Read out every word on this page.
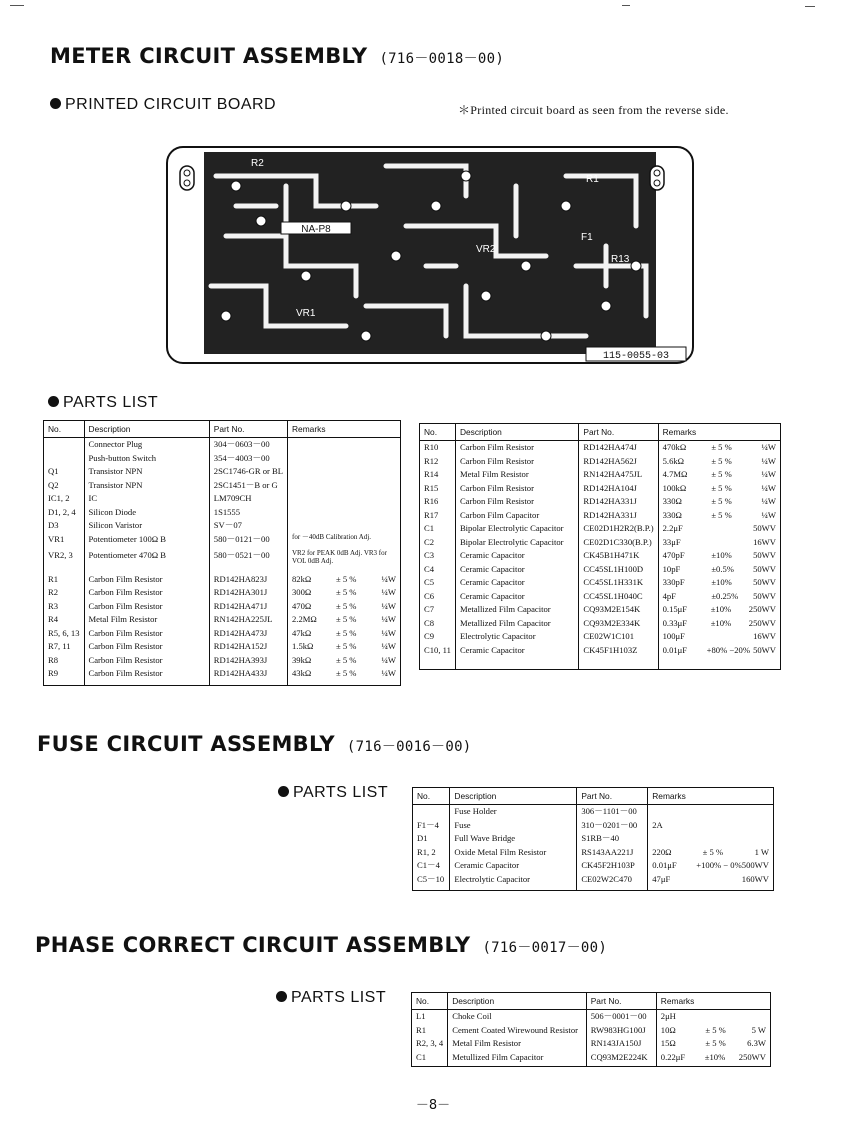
METER CIRCUIT ASSEMBLY (716－0018－00)
PRINTED CIRCUIT BOARD	＊Printed circuit board as seen from the reverse side.
NA-P8
R2
VR1
VR2
F1
R1
R13
115-0055-03
PARTS LIST
No.	Description	Part No.	Remarks
	Connector Plug	304－0603－00	

	Push-button Switch	354－4003－00	

Q1	Transistor NPN	2SC1746-GR or BL	

Q2	Transistor NPN	2SC1451－B or G	

IC1, 2	IC	LM709CH	

D1, 2, 4	Silicon Diode	1S1555	

D3	Silicon Varistor	SV－07	

VR1	Potentiometer 100Ω B	580－0121－00	for －40dB Calibration Adj.

VR2, 3	Potentiometer 470Ω B	580－0521－00	VR2 for PEAK 0dB Adj. VR3 for VOL 0dB Adj.

R1	Carbon Film Resistor	RD142HA823J	82kΩ ± 5 % ¼W

R2	Carbon Film Resistor	RD142HA301J	300Ω ± 5 % ¼W

R3	Carbon Film Resistor	RD142HA471J	470Ω ± 5 % ¼W

R4	Metal Film Resistor	RN142HA225JL	2.2MΩ ± 5 % ¼W

R5, 6, 13	Carbon Film Resistor	RD142HA473J	47kΩ ± 5 % ¼W

R7, 11	Carbon Film Resistor	RD142HA152J	1.5kΩ ± 5 % ¼W

R8	Carbon Film Resistor	RD142HA393J	39kΩ ± 5 % ¼W

R9	Carbon Film Resistor	RD142HA433J	43kΩ ± 5 % ¼W

No.	Description	Part No.	Remarks
R10	Carbon Film Resistor	RD142HA474J	470kΩ ± 5 % ¼W

R12	Carbon Film Resistor	RD142HA562J	5.6kΩ ± 5 % ¼W

R14	Metal Film Resistor	RN142HA475JL	4.7MΩ ± 5 % ¼W

R15	Carbon Film Resistor	RD142HA104J	100kΩ ± 5 % ¼W

R16	Carbon Film Resistor	RD142HA331J	330Ω ± 5 % ¼W

R17	Carbon Film Capacitor	RD142HA331J	330Ω ± 5 % ¼W

C1	Bipolar Electrolytic Capacitor	CE02D1H2R2(B.P.)	2.2μF 50WV

C2	Bipolar Electrolytic Capacitor	CE02D1C330(B.P.)	33μF 16WV

C3	Ceramic Capacitor	CK45B1H471K	470pF ±10% 50WV

C4	Ceramic Capacitor	CC45SL1H100D	10pF ±0.5% 50WV

C5	Ceramic Capacitor	CC45SL1H331K	330pF ±10% 50WV

C6	Ceramic Capacitor	CC45SL1H040C	4pF ±0.25% 50WV

C7	Metallized Film Capacitor	CQ93M2E154K	0.15μF ±10% 250WV

C8	Metallized Film Capacitor	CQ93M2E334K	0.33μF ±10% 250WV

C9	Electrolytic Capacitor	CE02W1C101	100μF 16WV

C10, 11	Ceramic Capacitor	CK45F1H103Z	0.01μF +80% −20% 50WV

FUSE CIRCUIT ASSEMBLY (716－0016－00)
PARTS LIST	No.	Description	Part No.	Remarks
	Fuse Holder	306－1101－00	

F1－4	Fuse	310－0201－00	2A

D1	Full Wave Bridge	S1RB－40	

R1, 2	Oxide Metal Film Resistor	RS143AA221J	220Ω ± 5 % 1 W

C1－4	Ceramic Capacitor	CK45F2H103P	0.01μF +100% − 0% 500WV

C5－10	Electrolytic Capacitor	CE02W2C470	47μF 160WV

PHASE CORRECT CIRCUIT ASSEMBLY (716－0017－00)
PARTS LIST	No.	Description	Part No.	Remarks
L1	Choke Coil	506－0001－00	2μH

R1	Cement Coated Wirewound Resistor	RW983HG100J	10Ω ± 5 % 5 W

R2, 3, 4	Metal Film Resistor	RN143JA150J	15Ω ± 5 % 6.3W

C1	Metullized Film Capacitor	CQ93M2E224K	0.22μF ±10% 250WV

－8－
